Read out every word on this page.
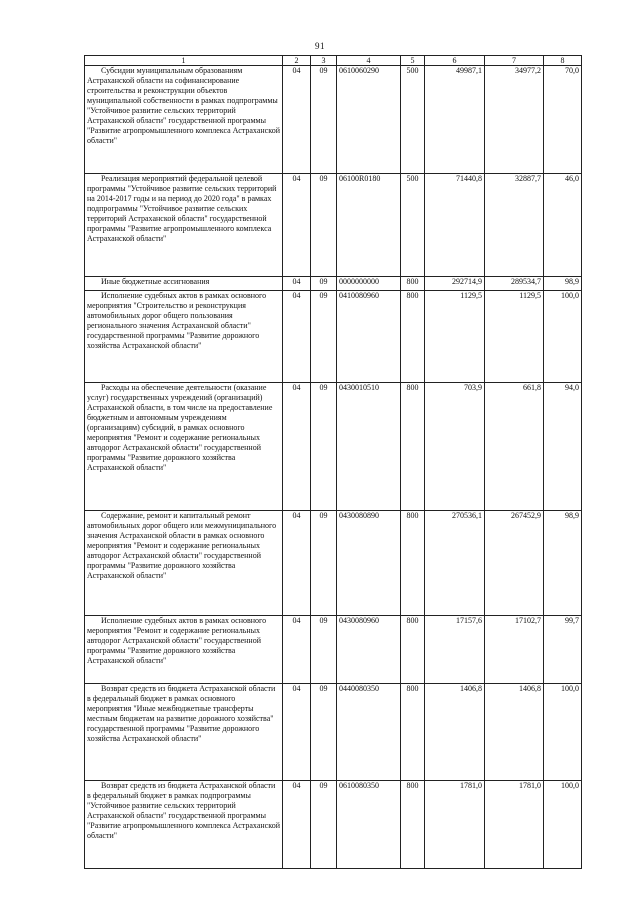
91
1	2	3	4	5	6	7	8
Субсидии муниципальным образованиям Астраханской области на софинансирование строительства и реконструкции объектов муниципальной собственности в рамках подпрограммы "Устойчивое развитие сельских территорий Астраханской области" государственной программы "Развитие агропромышленного комплекса Астраханской области"	04	09	0610060290	500	49987,1	34977,2	70,0
Реализация мероприятий федеральной целевой программы "Устойчивое развитие сельских территорий на 2014-2017 годы и на период до 2020 года" в рамках подпрограммы "Устойчивое развитие сельских территорий Астраханской области" государственной программы "Развитие агропромышленного комплекса Астраханской области"	04	09	06100R0180	500	71440,8	32887,7	46,0
Иные бюджетные ассигнования	04	09	0000000000	800	292714,9	289534,7	98,9
Исполнение судебных актов в рамках основного мероприятия "Строительство и реконструкция автомобильных дорог общего пользования регионального значения Астраханской области" государственной программы "Развитие дорожного хозяйства Астраханской области"	04	09	0410080960	800	1129,5	1129,5	100,0
Расходы на обеспечение деятельности (оказание услуг) государственных учреждений (организаций) Астраханской области, в том числе на предоставление бюджетным и автономным учреждениям (организациям) субсидий, в рамках основного мероприятия "Ремонт и содержание региональных автодорог Астраханской области" государственной программы "Развитие дорожного хозяйства Астраханской области"	04	09	0430010510	800	703,9	661,8	94,0
Содержание, ремонт и капитальный ремонт автомобильных дорог общего или межмуниципального значения Астраханской области в рамках основного мероприятия "Ремонт и содержание региональных автодорог Астраханской области" государственной программы "Развитие дорожного хозяйства Астраханской области"	04	09	0430080890	800	270536,1	267452,9	98,9
Исполнение судебных актов в рамках основного мероприятия "Ремонт и содержание региональных автодорог Астраханской области" государственной программы "Развитие дорожного хозяйства Астраханской области"	04	09	0430080960	800	17157,6	17102,7	99,7
Возврат средств из бюджета Астраханской области в федеральный бюджет в рамках основного мероприятия "Иные межбюджетные трансферты местным бюджетам на развитие дорожного хозяйства" государственной программы "Развитие дорожного хозяйства Астраханской области"	04	09	0440080350	800	1406,8	1406,8	100,0
Возврат средств из бюджета Астраханской области в федеральный бюджет в рамках подпрограммы "Устойчивое развитие сельских территорий Астраханской области" государственной программы "Развитие агропромышленного комплекса Астраханской области"	04	09	0610080350	800	1781,0	1781,0	100,0
